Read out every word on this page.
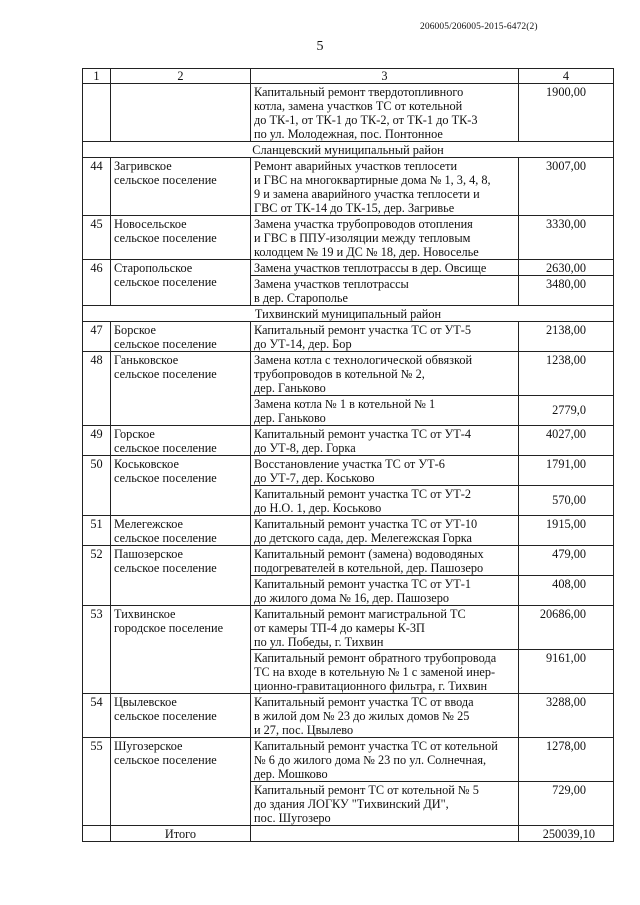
206005/206005-2015-6472(2)
5
1	2	3	4

		Капитальный ремонт твердотопливного
котла, замена участков ТС от котельной
до ТК-1, от ТК-1 до ТК-2, от ТК-1 до ТК-3
по ул. Молодежная, пос. Понтонное	1900,00
Сланцевский муниципальный район			
44	Загривское
сельское поселение	Ремонт аварийных участков теплосети
и ГВС на многоквартирные дома № 1, 3, 4, 8,
9 и замена аварийного участка теплосети и
ГВС от ТК-14 до ТК-15, дер. Загривье	3007,00
45	Новосельское
сельское поселение	Замена участка трубопроводов отопления
и ГВС в ППУ-изоляции между тепловым
колодцем № 19 и ДС № 18, дер. Новоселье	3330,00
46	Старопольское
сельское поселение	Замена участков теплотрассы в дер. Овсище	2630,00

		Замена участков теплотрассы
в дер. Старополье	3480,00
Тихвинский муниципальный район			
47	Борское
сельское поселение	Капитальный ремонт участка ТС от УТ-5
до УТ-14, дер. Бор	2138,00
48	Ганьковское
сельское поселение	Замена котла с технологической обвязкой
трубопроводов в котельной № 2,
дер. Ганьково	1238,00

		Замена котла № 1 в котельной № 1
дер. Ганьково	2779,0
49	Горское
сельское поселение	Капитальный ремонт участка ТС от УТ-4
до УТ-8, дер. Горка	4027,00
50	Коськовское
сельское поселение	Восстановление участка ТС от УТ-6
до УТ-7, дер. Коськово	1791,00

		Капитальный ремонт участка ТС от УТ-2
до Н.О. 1, дер. Коськово	570,00
51	Мелегежское
сельское поселение	Капитальный ремонт участка ТС от УТ-10
до детского сада, дер. Мелегежская Горка	1915,00
52	Пашозерское
сельское поселение	Капитальный ремонт (замена) водоводяных
подогревателей в котельной, дер. Пашозеро	479,00

		Капитальный ремонт участка ТС от УТ-1
до жилого дома № 16, дер. Пашозеро	408,00
53	Тихвинское
городское поселение	Капитальный ремонт магистральной ТС
от камеры ТП-4 до камеры К-3П
по ул. Победы, г. Тихвин	20686,00

		Капитальный ремонт обратного трубопровода
ТС на входе в котельную № 1 с заменой инер-
ционно-гравитационного фильтра, г. Тихвин	9161,00
54	Цвылевское
сельское поселение	Капитальный ремонт участка ТС от ввода
в жилой дом № 23 до жилых домов № 25
и 27, пос. Цвылево	3288,00
55	Шугозерское
сельское поселение	Капитальный ремонт участка ТС от котельной
№ 6 до жилого дома № 23 по ул. Солнечная,
дер. Мошково	1278,00

		Капитальный ремонт ТС от котельной № 5
до здания ЛОГКУ "Тихвинский ДИ",
пос. Шугозеро	729,00
	Итого		250039,10
